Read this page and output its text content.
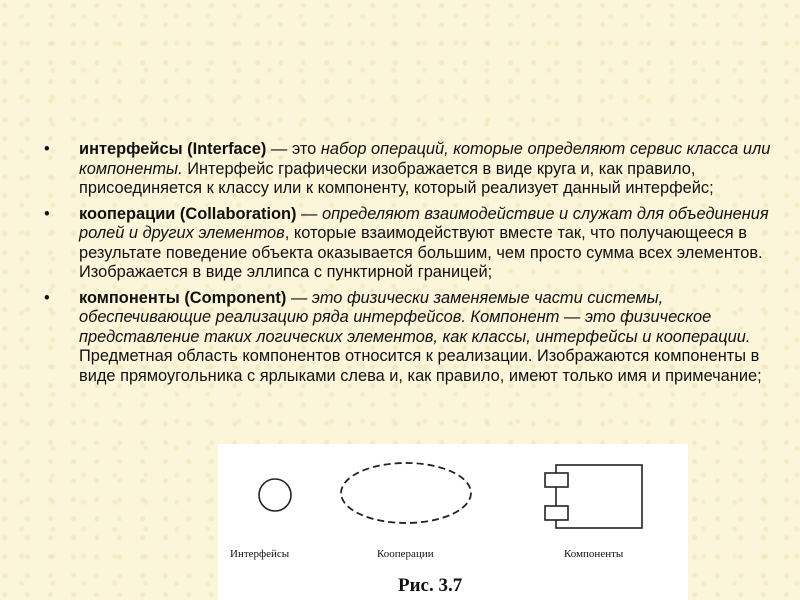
• интерфейсы (Interface) — это набор операций, которые определяют сервис класса или компоненты. Интерфейс графически изображается в виде круга и, как правило, присоединяется к классу или к компоненту, который реализует данный интерфейс;
• кооперации (Collaboration) — определяют взаимодействие и служат для объединения ролей и других элементов, которые взаимодействуют вместе так, что получающееся в результате поведение объекта оказывается большим, чем просто сумма всех элементов. Изображается в виде эллипса с пунктирной границей;
• компоненты (Component) — это физически заменяемые части системы, обеспечивающие реализацию ряда интерфейсов. Компонент — это физическое представление таких логических элементов, как классы, интерфейсы и кооперации. Предметная область компонентов относится к реализации. Изображаются компоненты в виде прямоугольника с ярлыками слева и, как правило, имеют только имя и примечание;
Интерфейсы	Кооперации	Компоненты
Рис. 3.7
